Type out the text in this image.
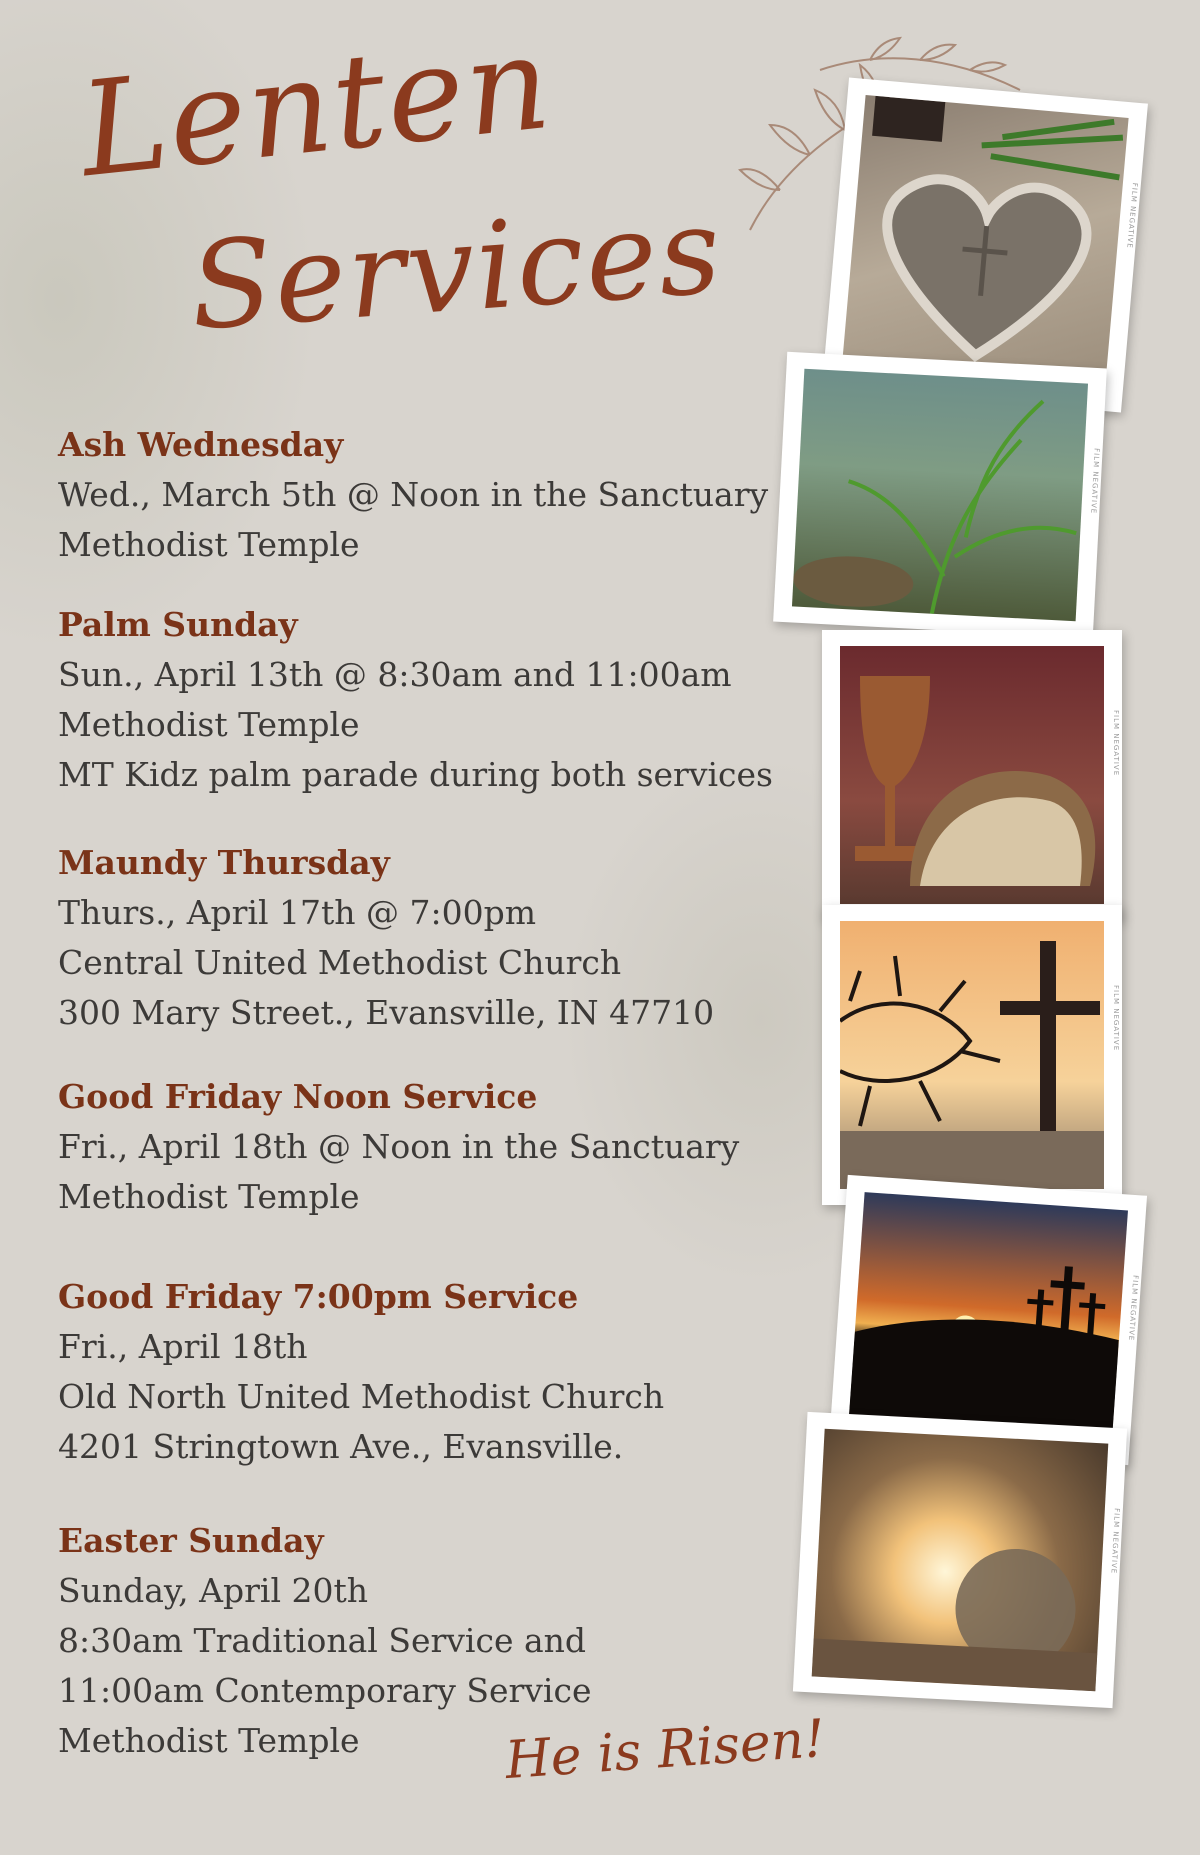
Lenten
Services
Ash Wednesday

Wed., March 5th @ Noon in the Sanctuary

Methodist Temple

Palm Sunday

Sun., April 13th @ 8:30am and 11:00am

Methodist Temple

MT Kidz palm parade during both services

Maundy Thursday

Thurs., April 17th @ 7:00pm

Central United Methodist Church

300 Mary Street., Evansville, IN 47710

Good Friday Noon Service

Fri., April 18th @ Noon in the Sanctuary

Methodist Temple

Good Friday 7:00pm Service

Fri., April 18th

Old North United Methodist Church

4201 Stringtown Ave., Evansville.

Easter Sunday

Sunday, April 20th

8:30am Traditional Service and

11:00am Contemporary Service

Methodist Temple

FILM NEGATIVE
FILM NEGATIVE
FILM NEGATIVE
FILM NEGATIVE
FILM NEGATIVE
FILM NEGATIVE
He is Risen!
